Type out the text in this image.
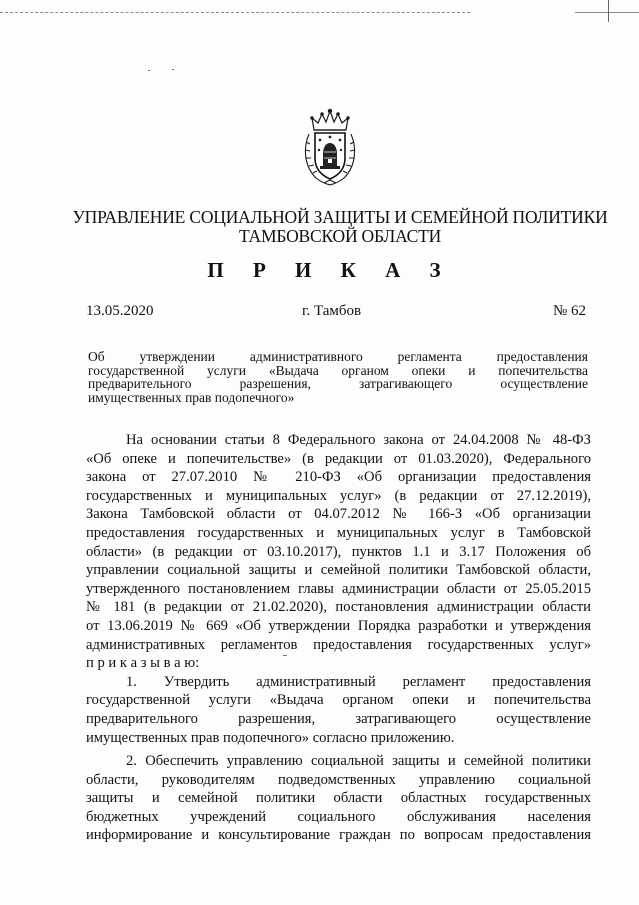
УПРАВЛЕНИЕ СОЦИАЛЬНОЙ ЗАЩИТЫ И СЕМЕЙНОЙ ПОЛИТИКИ
ТАМБОВСКОЙ ОБЛАСТИ
П Р И К А З
13.05.2020	г. Тамбов	№ 62
Об утверждении административного регламента предоставления
государственной услуги «Выдача органом опеки и попечительства
предварительного разрешения, затрагивающего осуществление
имущественных прав подопечного»
На основании статьи 8 Федерального закона от 24.04.2008 № 48-ФЗ
«Об опеке и попечительстве» (в редакции от 01.03.2020), Федерального
закона от 27.07.2010 № 210-ФЗ «Об организации предоставления
государственных и муниципальных услуг» (в редакции от 27.12.2019),
Закона Тамбовской области от 04.07.2012 № 166-З «Об организации
предоставления государственных и муниципальных услуг в Тамбовской
области» (в редакции от 03.10.2017), пунктов 1.1 и 3.17 Положения об
управлении социальной защиты и семейной политики Тамбовской области,
утвержденного постановлением главы администрации области от 25.05.2015
№ 181 (в редакции от 21.02.2020), постановления администрации области
от 13.06.2019 № 669 «Об утверждении Порядка разработки и утверждения
административных регламентов предоставления государственных услуг»
п р и к а з ы в а ю:
1. Утвердить административный регламент предоставления
государственной услуги «Выдача органом опеки и попечительства
предварительного разрешения, затрагивающего осуществление
имущественных прав подопечного» согласно приложению.
2. Обеспечить управлению социальной защиты и семейной политики
области, руководителям подведомственных управлению социальной
защиты и семейной политики области областных государственных
бюджетных учреждений социального обслуживания населения
информирование и консультирование граждан по вопросам предоставления
